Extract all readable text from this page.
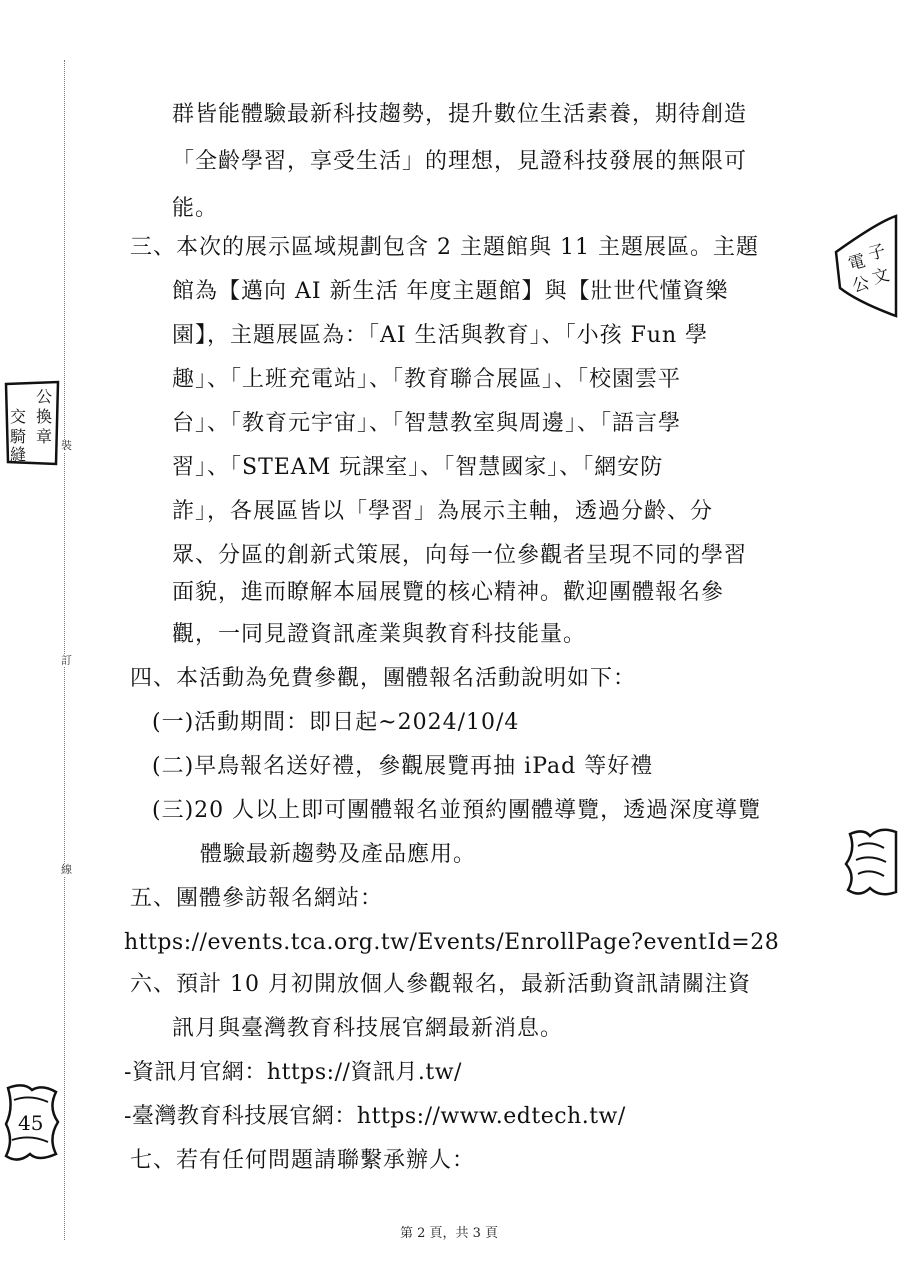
裝
訂
線
公
換
交
騎
縫
章
電
子
公
文
45
群皆能體驗最新科技趨勢，提升數位生活素養，期待創造
「全齡學習，享受生活」的理想，見證科技發展的無限可
能。
三、本次的展示區域規劃包含 2 主題館與 11 主題展區。主題
館為【邁向 AI 新生活 年度主題館】與【壯世代懂資樂
園】，主題展區為：「AI 生活與教育」、「小孩 Fun 學
趣」、「上班充電站」、「教育聯合展區」、「校園雲平
台」、「教育元宇宙」、「智慧教室與周邊」、「語言學
習」、「STEAM 玩課室」、「智慧國家」、「網安防
詐」，各展區皆以「學習」為展示主軸，透過分齡、分
眾、分區的創新式策展，向每一位參觀者呈現不同的學習
面貌，進而瞭解本屆展覽的核心精神。歡迎團體報名參
觀，一同見證資訊產業與教育科技能量。
四、本活動為免費參觀，團體報名活動說明如下：
(一)活動期間：即日起~2024/10/4
(二)早鳥報名送好禮，參觀展覽再抽 iPad 等好禮
(三)20 人以上即可團體報名並預約團體導覽，透過深度導覽
體驗最新趨勢及產品應用。
五、團體參訪報名網站：
https://events.tca.org.tw/Events/EnrollPage?eventId=28
六、預計 10 月初開放個人參觀報名，最新活動資訊請關注資
訊月與臺灣教育科技展官網最新消息。
-資訊月官網：https://資訊月.tw/
-臺灣教育科技展官網：https://www.edtech.tw/
七、若有任何問題請聯繫承辦人：
第 2 頁，共 3 頁
